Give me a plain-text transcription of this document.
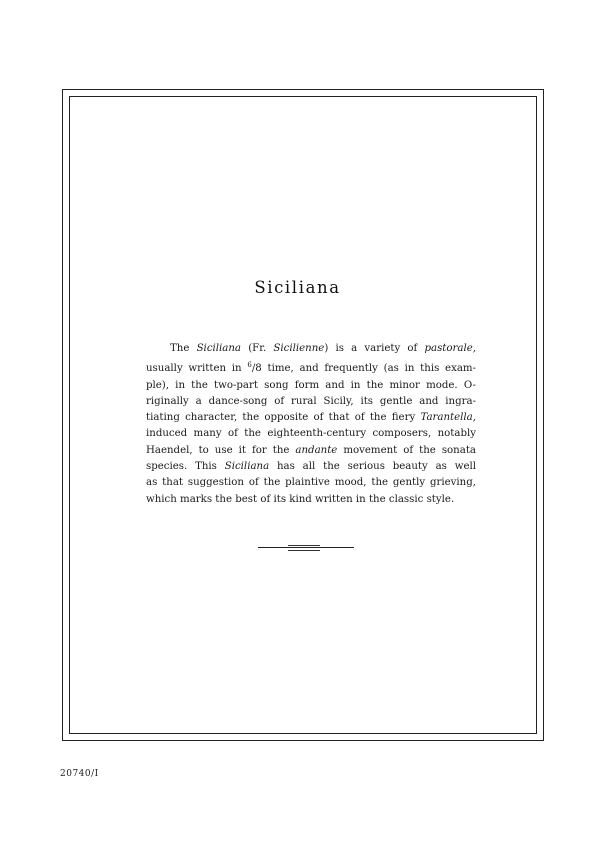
Siciliana
The Siciliana (Fr. Sicilienne) is a variety of pastorale,
usually written in $^6$/8 time, and frequently (as in this exam-
ple), in the two-part song form and in the minor mode. O-
riginally a dance-song of rural Sicily, its gentle and ingra-
tiating character, the opposite of that of the fiery Tarantella,
induced many of the eighteenth-century composers, notably
Haendel, to use it for the andante movement of the sonata
species. This Siciliana has all the serious beauty as well
as that suggestion of the plaintive mood, the gently grieving,
which marks the best of its kind written in the classic style.
20740/I
